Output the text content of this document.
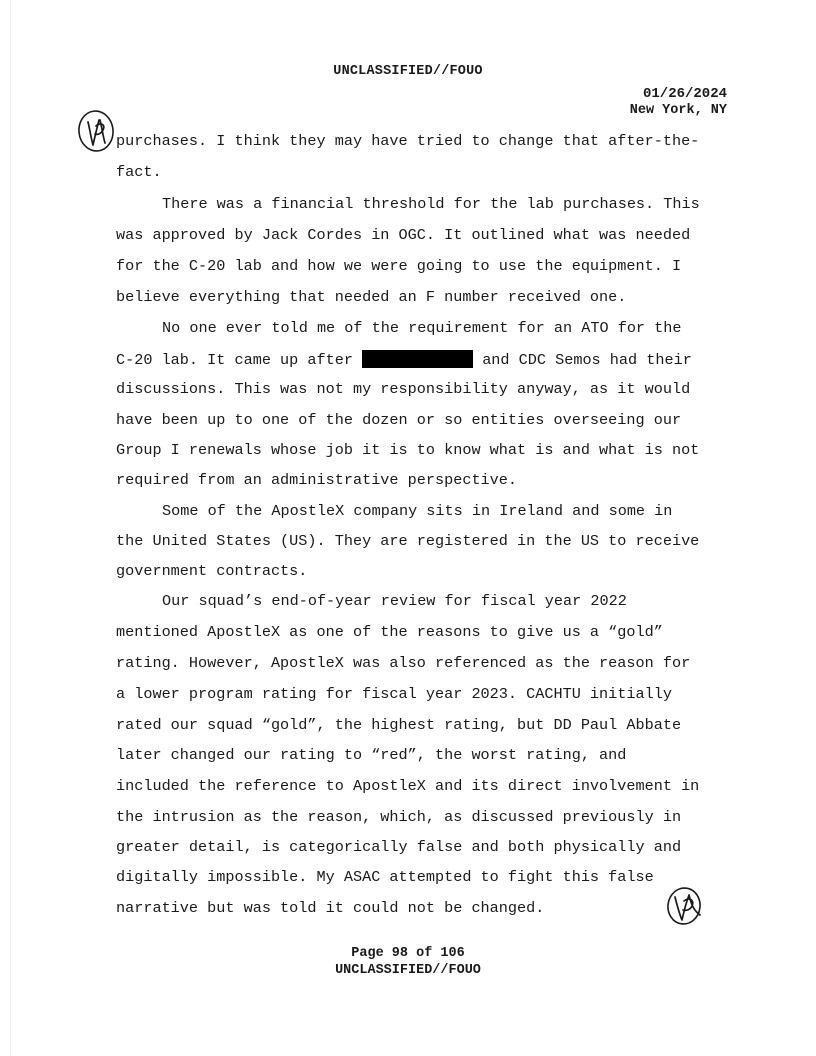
UNCLASSIFIED//FOUO
01/26/2024
New York, NY
purchases. I think they may have tried to change that after-the-
fact.
There was a financial threshold for the lab purchases. This
was approved by Jack Cordes in OGC. It outlined what was needed
for the C-20 lab and how we were going to use the equipment. I
believe everything that needed an F number received one.
No one ever told me of the requirement for an ATO for the
C-20 lab. It came up after	and CDC Semos had their
discussions. This was not my responsibility anyway, as it would
have been up to one of the dozen or so entities overseeing our
Group I renewals whose job it is to know what is and what is not
required from an administrative perspective.
Some of the ApostleX company sits in Ireland and some in
the United States (US). They are registered in the US to receive
government contracts.
Our squad’s end-of-year review for fiscal year 2022
mentioned ApostleX as one of the reasons to give us a “gold”
rating. However, ApostleX was also referenced as the reason for
a lower program rating for fiscal year 2023. CACHTU initially
rated our squad “gold”, the highest rating, but DD Paul Abbate
later changed our rating to “red”, the worst rating, and
included the reference to ApostleX and its direct involvement in
the intrusion as the reason, which, as discussed previously in
greater detail, is categorically false and both physically and
digitally impossible. My ASAC attempted to fight this false
narrative but was told it could not be changed.
Page 98 of 106
UNCLASSIFIED//FOUO
